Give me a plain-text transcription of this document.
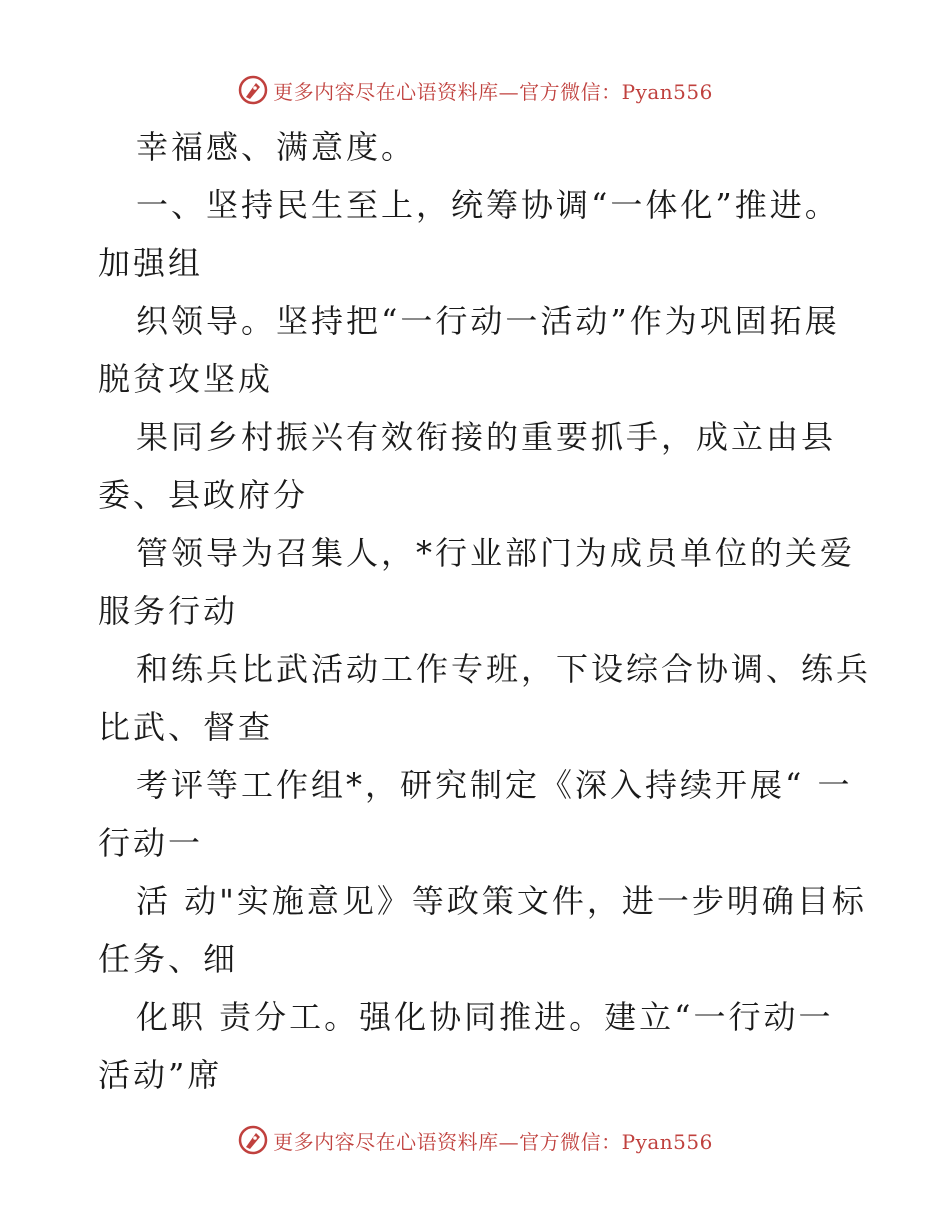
更多内容尽在心语资料库—官方微信：Pyan556
幸福感、满意度。
一、坚持民生至上，统筹协调“一体化”推进。
加强组
织领导。坚持把“一行动一活动”作为巩固拓展
脱贫攻坚成
果同乡村振兴有效衔接的重要抓手，成立由县
委、县政府分
管领导为召集人，*行业部门为成员单位的关爱
服务行动
和练兵比武活动工作专班，下设综合协调、练兵
比武、督查
考评等工作组*，研究制定《深入持续开展“ 一
行动一
活 动"实施意见》等政策文件，进一步明确目标
任务、细
化职 责分工。强化协同推进。建立“一行动一
活动”席
更多内容尽在心语资料库—官方微信：Pyan556
